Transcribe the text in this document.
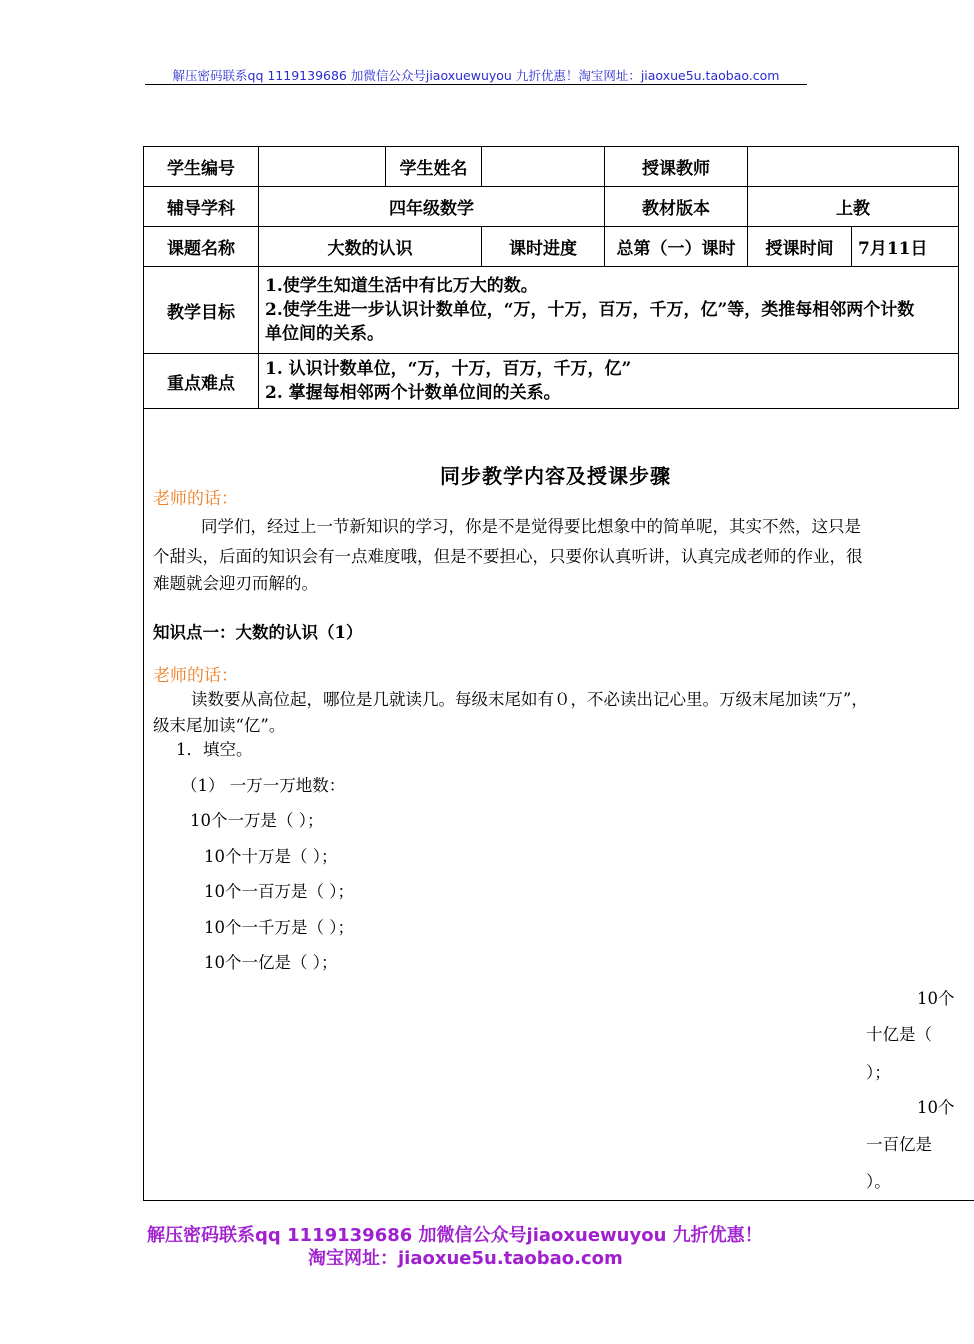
解压密码联系qq 1119139686 加微信公众号jiaoxuewuyou 九折优惠！淘宝网址：jiaoxue5u.taobao.com
学生编号		学生姓名		授课教师		
辅导学科	四年级数学			教材版本	上教	
课题名称	大数的认识		课时进度	总第（一）课时	授课时间	7月11日
教学目标	1.使学生知道生活中有比万大的数。
2.使学生进一步认识计数单位，“万，十万，百万，千万，亿”等，类推每相邻两个计数
单位间的关系。					

重点难点	1. 认识计数单位，“万，十万，百万，千万，亿”
2. 掌握每相邻两个计数单位间的关系。					
同步教学内容及授课步骤
老师的话：
同学们，经过上一节新知识的学习，你是不是觉得要比想象中的简单呢，其实不然，这只是
个甜头，后面的知识会有一点难度哦，但是不要担心，只要你认真听讲，认真完成老师的作业，很
难题就会迎刃而解的。
知识点一：大数的认识（1）
老师的话：
读数要从高位起，哪位是几就读几。每级末尾如有０，不必读出记心里。万级末尾加读“万”，
级末尾加读“亿”。
1．填空。
（1） 一万一万地数：
10个一万是（ ）；
10个十万是（ ）；
10个一百万是（ ）；
10个一千万是（ ）；
10个一亿是（ ）；
10个
十亿是（
）；
10个
一百亿是
）。
解压密码联系qq 1119139686 加微信公众号jiaoxuewuyou 九折优惠！
淘宝网址：jiaoxue5u.taobao.com
